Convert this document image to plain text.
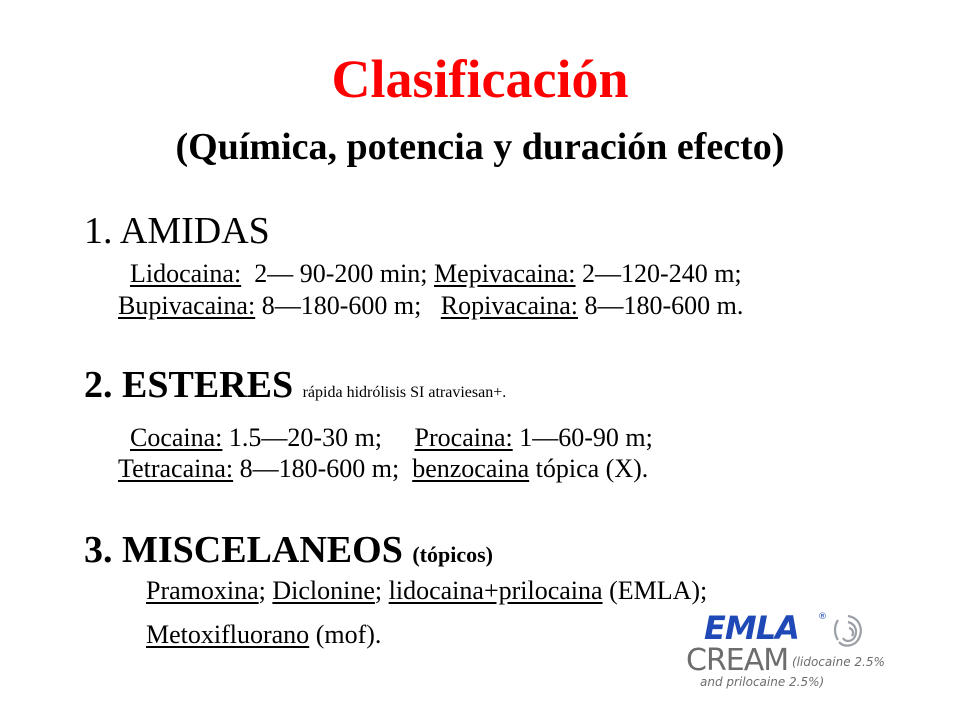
Clasificación
(Química, potencia y duración efecto)
1. AMIDAS
Lidocaina:  2— 90-200 min; Mepivacaina: 2—120-240 m;
Bupivacaina: 8—180-600 m;   Ropivacaina: 8—180-600 m.
2. ESTERES rápida hidrólisis SI atraviesan+.
Cocaina: 1.5—20-30 m;     Procaina: 1—60-90 m;
Tetracaina: 8—180-600 m;  benzocaina tópica (X).
3. MISCELANEOS (tópicos)
Pramoxina; Diclonine; lidocaina+prilocaina (EMLA);
Metoxifluorano (mof).	EMLA ®
CREAM (lidocaine 2.5%
and prilocaine 2.5%)
